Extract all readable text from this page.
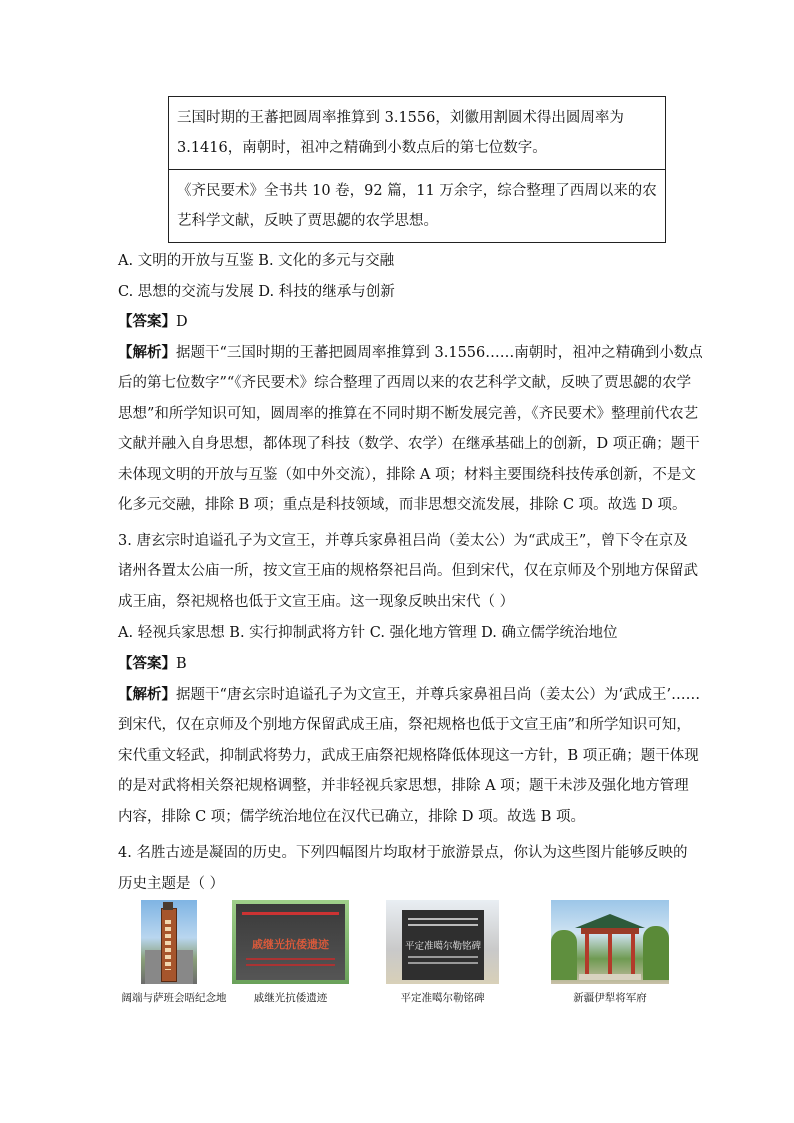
三国时期的王蕃把圆周率推算到 3.1556，刘徽用割圆术得出圆周率为
3.1416，南朝时，祖冲之精确到小数点后的第七位数字。

《齐民要术》全书共 10 卷，92 篇，11 万余字，综合整理了西周以来的农
艺科学文献，反映了贾思勰的农学思想。
A. 文明的开放与互鉴 B. 文化的多元与交融
C. 思想的交流与发展 D. 科技的继承与创新
【答案】D
【解析】据题干“三国时期的王蕃把圆周率推算到 3.1556……南朝时，祖冲之精确到小数点
后的第七位数字”“《齐民要术》综合整理了西周以来的农艺科学文献，反映了贾思勰的农学
思想”和所学知识可知，圆周率的推算在不同时期不断发展完善，《齐民要术》整理前代农艺
文献并融入自身思想，都体现了科技（数学、农学）在继承基础上的创新，D 项正确；题干
未体现文明的开放与互鉴（如中外交流），排除 A 项；材料主要围绕科技传承创新，不是文
化多元交融，排除 B 项；重点是科技领域，而非思想交流发展，排除 C 项。故选 D 项。
3. 唐玄宗时追谥孔子为文宣王，并尊兵家鼻祖吕尚（姜太公）为“武成王”，曾下令在京及
诸州各置太公庙一所，按文宣王庙的规格祭祀吕尚。但到宋代，仅在京师及个别地方保留武
成王庙，祭祀规格也低于文宣王庙。这一现象反映出宋代（ ）
A. 轻视兵家思想 B. 实行抑制武将方针 C. 强化地方管理 D. 确立儒学统治地位
【答案】B
【解析】据题干“唐玄宗时追谥孔子为文宣王，并尊兵家鼻祖吕尚（姜太公）为‘武成王’……
到宋代，仅在京师及个别地方保留武成王庙，祭祀规格也低于文宣王庙”和所学知识可知，
宋代重文轻武，抑制武将势力，武成王庙祭祀规格降低体现这一方针，B 项正确；题干体现
的是对武将相关祭祀规格调整，并非轻视兵家思想，排除 A 项；题干未涉及强化地方管理
内容，排除 C 项；儒学统治地位在汉代已确立，排除 D 项。故选 B 项。
4. 名胜古迹是凝固的历史。下列四幅图片均取材于旅游景点，你认为这些图片能够反映的
历史主题是（ ）
阔端与萨班会晤纪念地
戚继光抗倭遗迹
戚继光抗倭遗迹
平定准噶尔勒铭碑
平定准噶尔勒铭碑	新疆伊犁将军府
